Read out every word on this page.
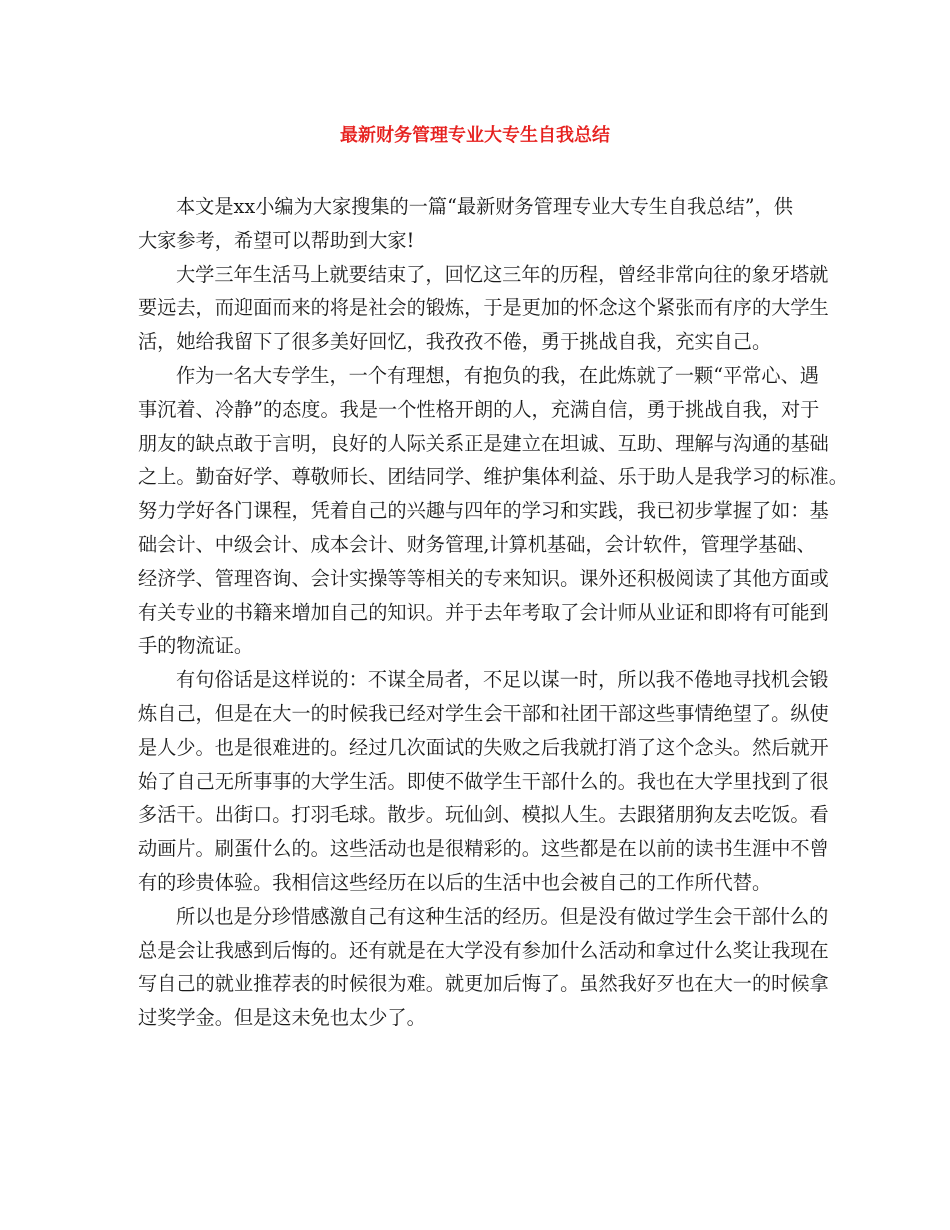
最新财务管理专业大专生自我总结
本文是xx小编为大家搜集的一篇“最新财务管理专业大专生自我总结”，供
大家参考，希望可以帮助到大家!
大学三年生活马上就要结束了，回忆这三年的历程，曾经非常向往的象牙塔就
要远去，而迎面而来的将是社会的锻炼，于是更加的怀念这个紧张而有序的大学生
活，她给我留下了很多美好回忆，我孜孜不倦，勇于挑战自我，充实自己。
作为一名大专学生，一个有理想，有抱负的我，在此炼就了一颗“平常心、遇
事沉着、冷静”的态度。我是一个性格开朗的人，充满自信，勇于挑战自我，对于
朋友的缺点敢于言明，良好的人际关系正是建立在坦诚、互助、理解与沟通的基础
之上。勤奋好学、尊敬师长、团结同学、维护集体利益、乐于助人是我学习的标准。
努力学好各门课程，凭着自己的兴趣与四年的学习和实践，我已初步掌握了如：基
础会计、中级会计、成本会计、财务管理,计算机基础，会计软件，管理学基础、
经济学、管理咨询、会计实操等等相关的专来知识。课外还积极阅读了其他方面或
有关专业的书籍来增加自己的知识。并于去年考取了会计师从业证和即将有可能到
手的物流证。
有句俗话是这样说的：不谋全局者，不足以谋一时，所以我不倦地寻找机会锻
炼自己，但是在大一的时候我已经对学生会干部和社团干部这些事情绝望了。纵使
是人少。也是很难进的。经过几次面试的失败之后我就打消了这个念头。然后就开
始了自己无所事事的大学生活。即使不做学生干部什么的。我也在大学里找到了很
多活干。出街口。打羽毛球。散步。玩仙剑、模拟人生。去跟猪朋狗友去吃饭。看
动画片。刷蛋什么的。这些活动也是很精彩的。这些都是在以前的读书生涯中不曾
有的珍贵体验。我相信这些经历在以后的生活中也会被自己的工作所代替。
所以也是分珍惜感激自己有这种生活的经历。但是没有做过学生会干部什么的
总是会让我感到后悔的。还有就是在大学没有参加什么活动和拿过什么奖让我现在
写自己的就业推荐表的时候很为难。就更加后悔了。虽然我好歹也在大一的时候拿
过奖学金。但是这未免也太少了。
